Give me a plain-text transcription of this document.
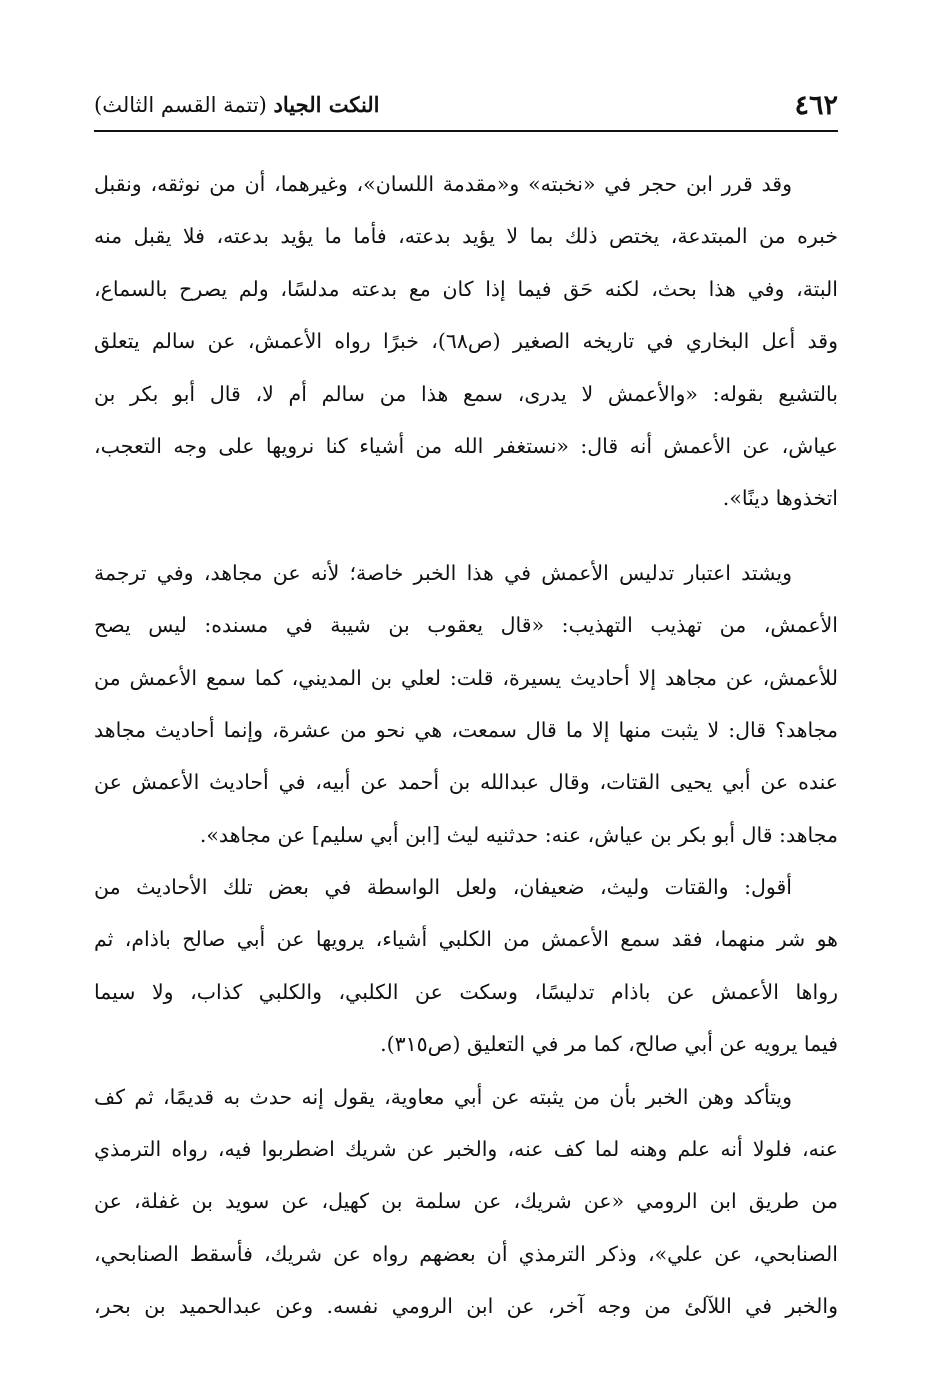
٤٦٢
النكت الجياد (تتمة القسم الثالث)
وقد قرر ابن حجر في «نخبته» و«مقدمة اللسان»، وغيرهما، أن من نوثقه، ونقبل
خبره من المبتدعة، يختص ذلك بما لا يؤيد بدعته، فأما ما يؤيد بدعته، فلا يقبل منه
البتة، وفي هذا بحث، لكنه حَق فيما إذا كان مع بدعته مدلسًا، ولم يصرح بالسماع،
وقد أعل البخاري في تاريخه الصغير (ص٦٨)، خبرًا رواه الأعمش، عن سالم يتعلق
بالتشيع بقوله: «والأعمش لا يدرى، سمع هذا من سالم أم لا، قال أبو بكر بن
عياش، عن الأعمش أنه قال: «نستغفر الله من أشياء كنا نرويها على وجه التعجب،
اتخذوها دينًا».
ويشتد اعتبار تدليس الأعمش في هذا الخبر خاصة؛ لأنه عن مجاهد، وفي ترجمة
الأعمش، من تهذيب التهذيب: «قال يعقوب بن شيبة في مسنده: ليس يصح
للأعمش، عن مجاهد إلا أحاديث يسيرة، قلت: لعلي بن المديني، كما سمع الأعمش من
مجاهد؟ قال: لا يثبت منها إلا ما قال سمعت، هي نحو من عشرة، وإنما أحاديث مجاهد
عنده عن أبي يحيى القتات، وقال عبدالله بن أحمد عن أبيه، في أحاديث الأعمش عن
مجاهد: قال أبو بكر بن عياش، عنه: حدثنيه ليث [ابن أبي سليم] عن مجاهد».
أقول: والقتات وليث، ضعيفان، ولعل الواسطة في بعض تلك الأحاديث من
هو شر منهما، فقد سمع الأعمش من الكلبي أشياء، يرويها عن أبي صالح باذام، ثم
رواها الأعمش عن باذام تدليسًا، وسكت عن الكلبي، والكلبي كذاب، ولا سيما
فيما يرويه عن أبي صالح، كما مر في التعليق (ص٣١٥).
ويتأكد وهن الخبر بأن من يثبته عن أبي معاوية، يقول إنه حدث به قديمًا، ثم كف
عنه، فلولا أنه علم وهنه لما كف عنه، والخبر عن شريك اضطربوا فيه، رواه الترمذي
من طريق ابن الرومي «عن شريك، عن سلمة بن كهيل، عن سويد بن غفلة، عن
الصنابحي، عن علي»، وذكر الترمذي أن بعضهم رواه عن شريك، فأسقط الصنابحي،
والخبر في اللآلئ من وجه آخر، عن ابن الرومي نفسه. وعن عبدالحميد بن بحر،
